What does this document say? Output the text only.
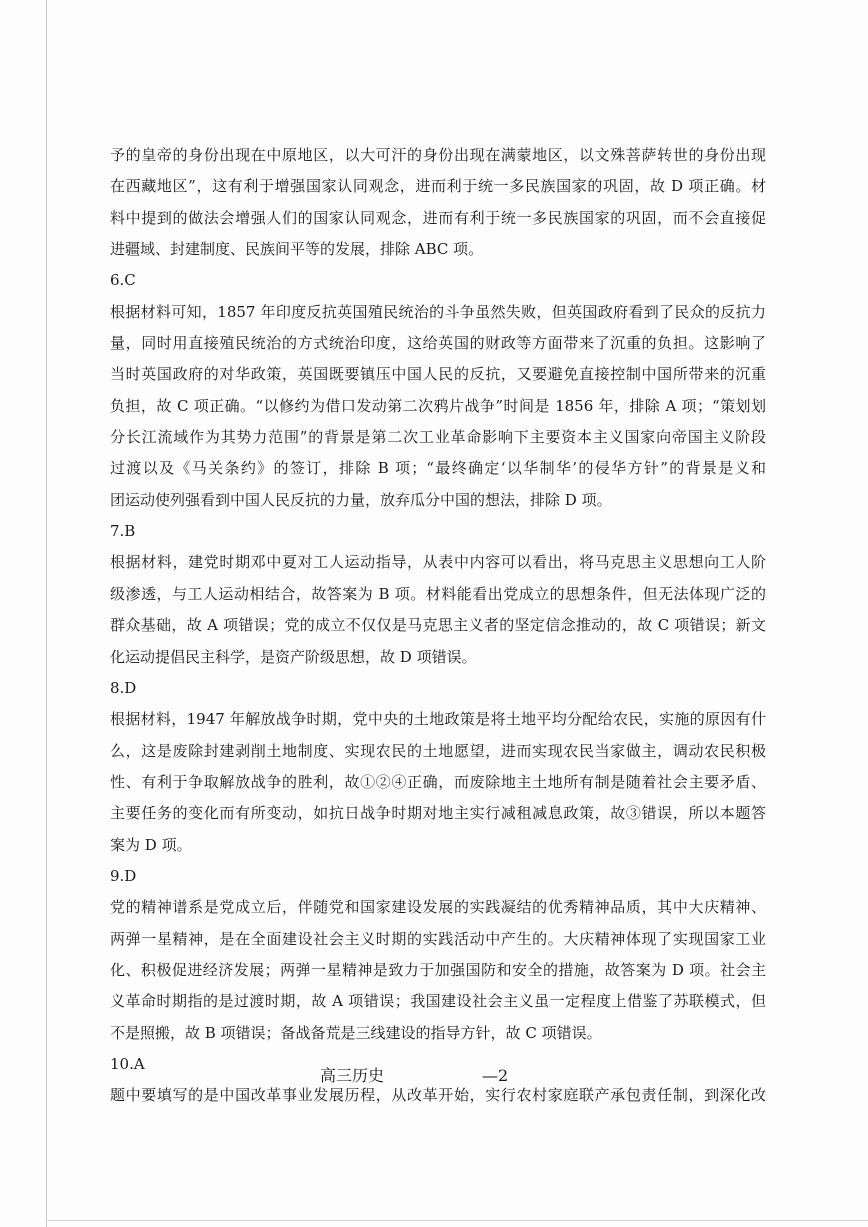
予的皇帝的身份出现在中原地区，以大可汗的身份出现在满蒙地区，以文殊菩萨转世的身份出现
在西藏地区”，这有利于增强国家认同观念，进而利于统一多民族国家的巩固，故 D 项正确。材
料中提到的做法会增强人们的国家认同观念，进而有利于统一多民族国家的巩固，而不会直接促
进疆域、封建制度、民族间平等的发展，排除 ABC 项。
6.C
根据材料可知，1857 年印度反抗英国殖民统治的斗争虽然失败，但英国政府看到了民众的反抗力
量，同时用直接殖民统治的方式统治印度，这给英国的财政等方面带来了沉重的负担。这影响了
当时英国政府的对华政策，英国既要镇压中国人民的反抗，又要避免直接控制中国所带来的沉重
负担，故 C 项正确。“以修约为借口发动第二次鸦片战争”时间是 1856 年，排除 A 项；“策划划
分长江流域作为其势力范围”的背景是第二次工业革命影响下主要资本主义国家向帝国主义阶段
过渡以及《马关条约》的签订，排除 B 项；“最终确定‘以华制华’的侵华方针”的背景是义和
团运动使列强看到中国人民反抗的力量，放弃瓜分中国的想法，排除 D 项。
7.B
根据材料，建党时期邓中夏对工人运动指导，从表中内容可以看出，将马克思主义思想向工人阶
级渗透，与工人运动相结合，故答案为 B 项。材料能看出党成立的思想条件，但无法体现广泛的
群众基础，故 A 项错误；党的成立不仅仅是马克思主义者的坚定信念推动的，故 C 项错误；新文
化运动提倡民主科学，是资产阶级思想，故 D 项错误。
8.D
根据材料，1947 年解放战争时期，党中央的土地政策是将土地平均分配给农民，实施的原因有什
么，这是废除封建剥削土地制度、实现农民的土地愿望，进而实现农民当家做主，调动农民积极
性、有利于争取解放战争的胜利，故①②④正确，而废除地主土地所有制是随着社会主要矛盾、
主要任务的变化而有所变动，如抗日战争时期对地主实行减租减息政策，故③错误，所以本题答
案为 D 项。
9.D
党的精神谱系是党成立后，伴随党和国家建设发展的实践凝结的优秀精神品质，其中大庆精神、
两弹一星精神，是在全面建设社会主义时期的实践活动中产生的。大庆精神体现了实现国家工业
化、积极促进经济发展；两弹一星精神是致力于加强国防和安全的措施，故答案为 D 项。社会主
义革命时期指的是过渡时期，故 A 项错误；我国建设社会主义虽一定程度上借鉴了苏联模式，但
不是照搬，故 B 项错误；备战备荒是三线建设的指导方针，故 C 项错误。
10.A
题中要填写的是中国改革事业发展历程，从改革开始，实行农村家庭联产承包责任制，到深化改
高三历史	—2
